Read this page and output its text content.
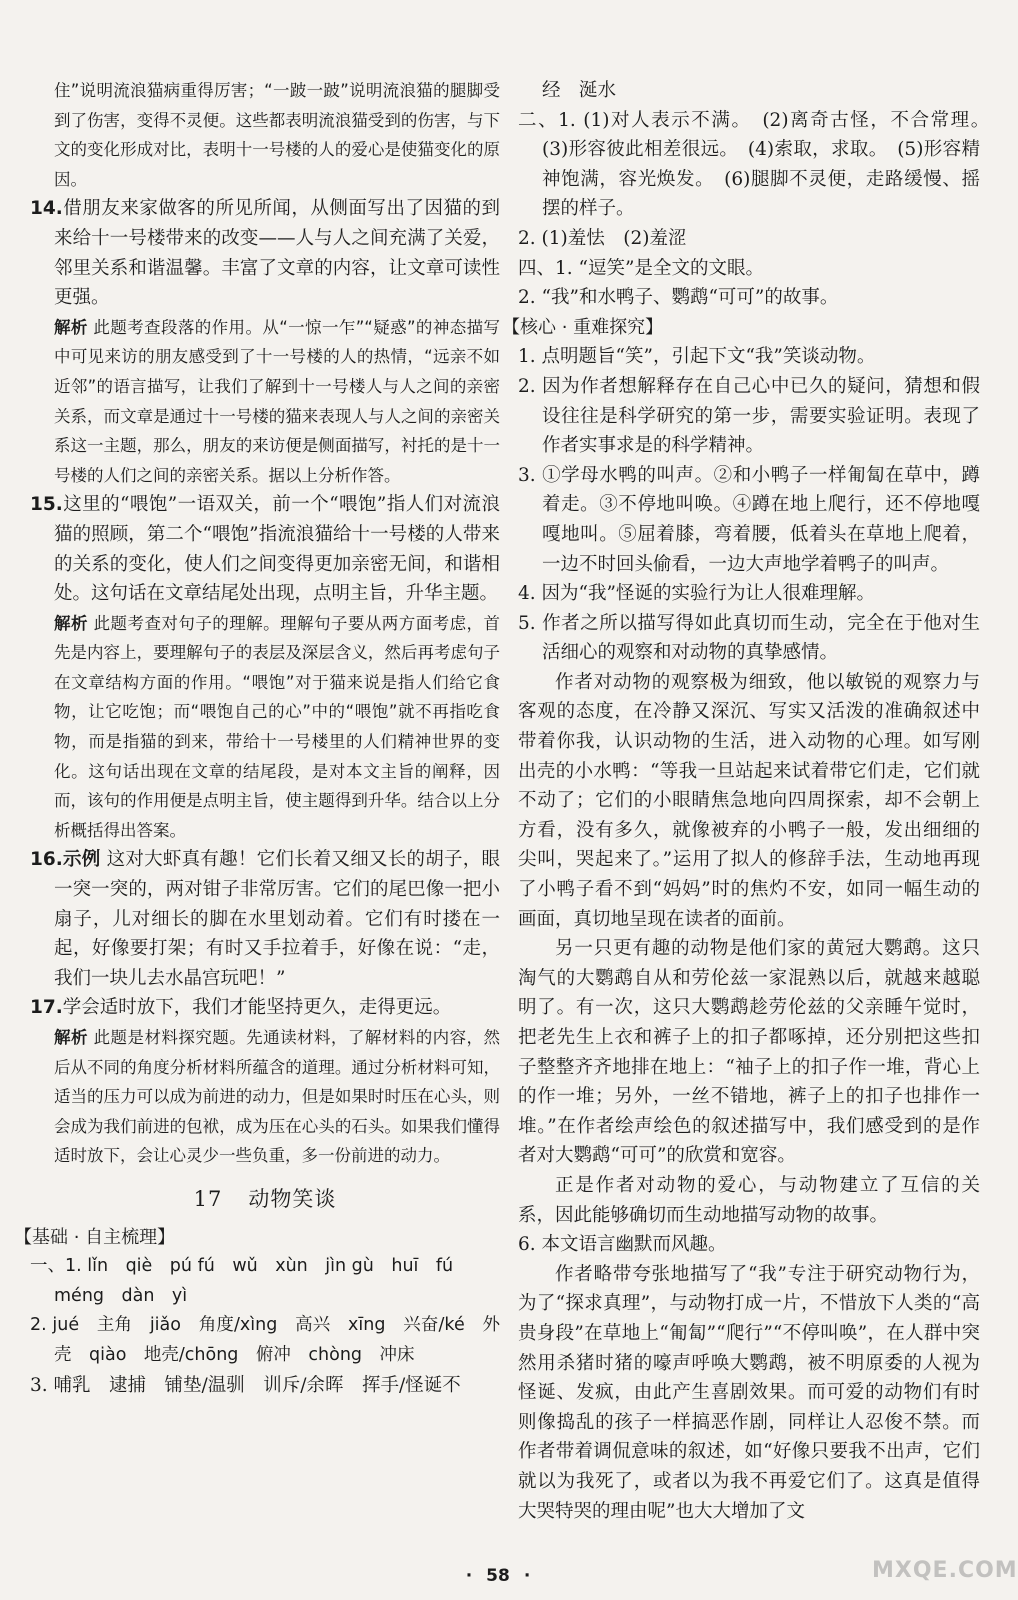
住”说明流浪猫病重得厉害；“一跛一跛”说明流浪猫的腿脚受到了伤害，变得不灵便。这些都表明流浪猫受到的伤害，与下文的变化形成对比，表明十一号楼的人的爱心是使猫变化的原因。

14.借朋友来家做客的所见所闻，从侧面写出了因猫的到来给十一号楼带来的改变——人与人之间充满了关爱，邻里关系和谐温馨。丰富了文章的内容，让文章可读性更强。

解析 此题考查段落的作用。从“一惊一乍”“疑惑”的神态描写中可见来访的朋友感受到了十一号楼的人的热情，“远亲不如近邻”的语言描写，让我们了解到十一号楼人与人之间的亲密关系，而文章是通过十一号楼的猫来表现人与人之间的亲密关系这一主题，那么，朋友的来访便是侧面描写，衬托的是十一号楼的人们之间的亲密关系。据以上分析作答。

15.这里的“喂饱”一语双关，前一个“喂饱”指人们对流浪猫的照顾，第二个“喂饱”指流浪猫给十一号楼的人带来的关系的变化，使人们之间变得更加亲密无间，和谐相处。这句话在文章结尾处出现，点明主旨，升华主题。

解析 此题考查对句子的理解。理解句子要从两方面考虑，首先是内容上，要理解句子的表层及深层含义，然后再考虑句子在文章结构方面的作用。“喂饱”对于猫来说是指人们给它食物，让它吃饱；而“喂饱自己的心”中的“喂饱”就不再指吃食物，而是指猫的到来，带给十一号楼里的人们精神世界的变化。这句话出现在文章的结尾段，是对本文主旨的阐释，因而，该句的作用便是点明主旨，使主题得到升华。结合以上分析概括得出答案。

16.示例 这对大虾真有趣！它们长着又细又长的胡子，眼一突一突的，两对钳子非常厉害。它们的尾巴像一把小扇子，儿对细长的脚在水里划动着。它们有时搂在一起，好像要打架；有时又手拉着手，好像在说：“走，我们一块儿去水晶宫玩吧！”

17.学会适时放下，我们才能坚持更久，走得更远。

解析 此题是材料探究题。先通读材料，了解材料的内容，然后从不同的角度分析材料所蕴含的道理。通过分析材料可知，适当的压力可以成为前进的动力，但是如果时时压在心头，则会成为我们前进的包袱，成为压在心头的石头。如果我们懂得适时放下，会让心灵少一些负重，多一份前进的动力。

17 动物笑谈

【基础 · 自主梳理】

一、1. lǐn　qiè　pú fú　wǔ　xùn　jìn gù　huī　fú

méng　dàn　yì

2. jué　主角　jiǎo　角度/xìng　高兴　xīng　兴奋/ké　外壳　qiào　地壳/chōng　俯冲　chòng　冲床

3. 哺乳　逮捕　铺垫/温驯　训斥/余晖　挥手/怪诞不

经　涎水

二、1. (1)对人表示不满。　(2)离奇古怪，不合常理。　(3)形容彼此相差很远。　(4)索取，求取。　(5)形容精神饱满，容光焕发。　(6)腿脚不灵便，走路缓慢、摇摆的样子。

2. (1)羞怯　(2)羞涩

四、1. “逗笑”是全文的文眼。

2. “我”和水鸭子、鹦鹉“可可”的故事。

【核心 · 重难探究】

1. 点明题旨“笑”，引起下文“我”笑谈动物。

2. 因为作者想解释存在自己心中已久的疑问，猜想和假设往往是科学研究的第一步，需要实验证明。表现了作者实事求是的科学精神。

3. ①学母水鸭的叫声。②和小鸭子一样匍匐在草中，蹲着走。③不停地叫唤。④蹲在地上爬行，还不停地嘎嘎地叫。⑤屈着膝，弯着腰，低着头在草地上爬着，一边不时回头偷看，一边大声地学着鸭子的叫声。

4. 因为“我”怪诞的实验行为让人很难理解。

5. 作者之所以描写得如此真切而生动，完全在于他对生活细心的观察和对动物的真挚感情。

作者对动物的观察极为细致，他以敏锐的观察力与客观的态度，在冷静又深沉、写实又活泼的准确叙述中带着你我，认识动物的生活，进入动物的心理。如写刚出壳的小水鸭：“等我一旦站起来试着带它们走，它们就不动了；它们的小眼睛焦急地向四周探索，却不会朝上方看，没有多久，就像被弃的小鸭子一般，发出细细的尖叫，哭起来了。”运用了拟人的修辞手法，生动地再现了小鸭子看不到“妈妈”时的焦灼不安，如同一幅生动的画面，真切地呈现在读者的面前。

另一只更有趣的动物是他们家的黄冠大鹦鹉。这只淘气的大鹦鹉自从和劳伦兹一家混熟以后，就越来越聪明了。有一次，这只大鹦鹉趁劳伦兹的父亲睡午觉时，把老先生上衣和裤子上的扣子都啄掉，还分别把这些扣子整整齐齐地排在地上：“袖子上的扣子作一堆，背心上的作一堆；另外，一丝不错地，裤子上的扣子也排作一堆。”在作者绘声绘色的叙述描写中，我们感受到的是作者对大鹦鹉“可可”的欣赏和宽容。

正是作者对动物的爱心，与动物建立了互信的关系，因此能够确切而生动地描写动物的故事。

6. 本文语言幽默而风趣。

作者略带夸张地描写了“我”专注于研究动物行为，为了“探求真理”，与动物打成一片，不惜放下人类的“高贵身段”在草地上“匍匐”“爬行”“不停叫唤”，在人群中突然用杀猪时猪的嚎声呼唤大鹦鹉，被不明原委的人视为怪诞、发疯，由此产生喜剧效果。而可爱的动物们有时则像捣乱的孩子一样搞恶作剧，同样让人忍俊不禁。而作者带着调侃意味的叙述，如“好像只要我不出声，它们就以为我死了，或者以为我不再爱它们了。这真是值得大哭特哭的理由呢”也大大增加了文

· 58 ·	MXQE.COM
